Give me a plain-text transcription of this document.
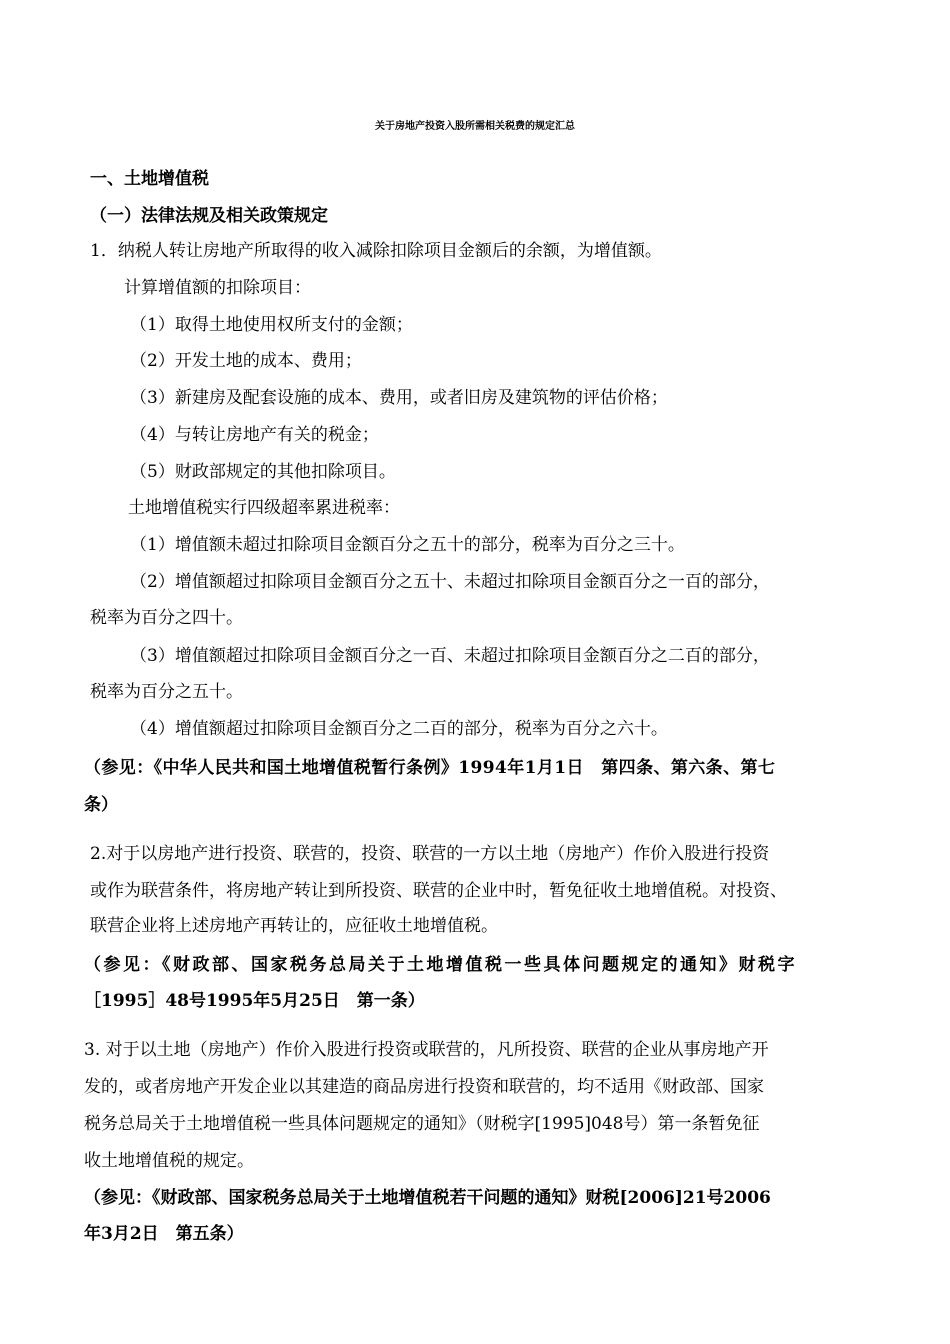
关于房地产投资入股所需相关税费的规定汇总
一、土地增值税
（一）法律法规及相关政策规定
1．纳税人转让房地产所取得的收入减除扣除项目金额后的余额，为增值额。
计算增值额的扣除项目：
（1）取得土地使用权所支付的金额；
（2）开发土地的成本、费用；
（3）新建房及配套设施的成本、费用，或者旧房及建筑物的评估价格；
（4）与转让房地产有关的税金；
（5）财政部规定的其他扣除项目。
土地增值税实行四级超率累进税率：
（1）增值额未超过扣除项目金额百分之五十的部分，税率为百分之三十。
（2）增值额超过扣除项目金额百分之五十、未超过扣除项目金额百分之一百的部分，
税率为百分之四十。
（3）增值额超过扣除项目金额百分之一百、未超过扣除项目金额百分之二百的部分，
税率为百分之五十。
（4）增值额超过扣除项目金额百分之二百的部分，税率为百分之六十。
（参见：《中华人民共和国土地增值税暂行条例》1994年1月1日　第四条、第六条、第七
条）
2.对于以房地产进行投资、联营的，投资、联营的一方以土地（房地产）作价入股进行投资
或作为联营条件，将房地产转让到所投资、联营的企业中时，暂免征收土地增值税。对投资、
联营企业将上述房地产再转让的，应征收土地增值税。
（参见：《财政部、国家税务总局关于土地增值税一些具体问题规定的通知》财税字
［1995］48号1995年5月25日　第一条）
3. 对于以土地（房地产）作价入股进行投资或联营的，凡所投资、联营的企业从事房地产开
发的，或者房地产开发企业以其建造的商品房进行投资和联营的，均不适用《财政部、国家
税务总局关于土地增值税一些具体问题规定的通知》（财税字[1995]048号）第一条暂免征
收土地增值税的规定。
（参见：《财政部、国家税务总局关于土地增值税若干问题的通知》财税[2006]21号2006
年3月2日　第五条）
